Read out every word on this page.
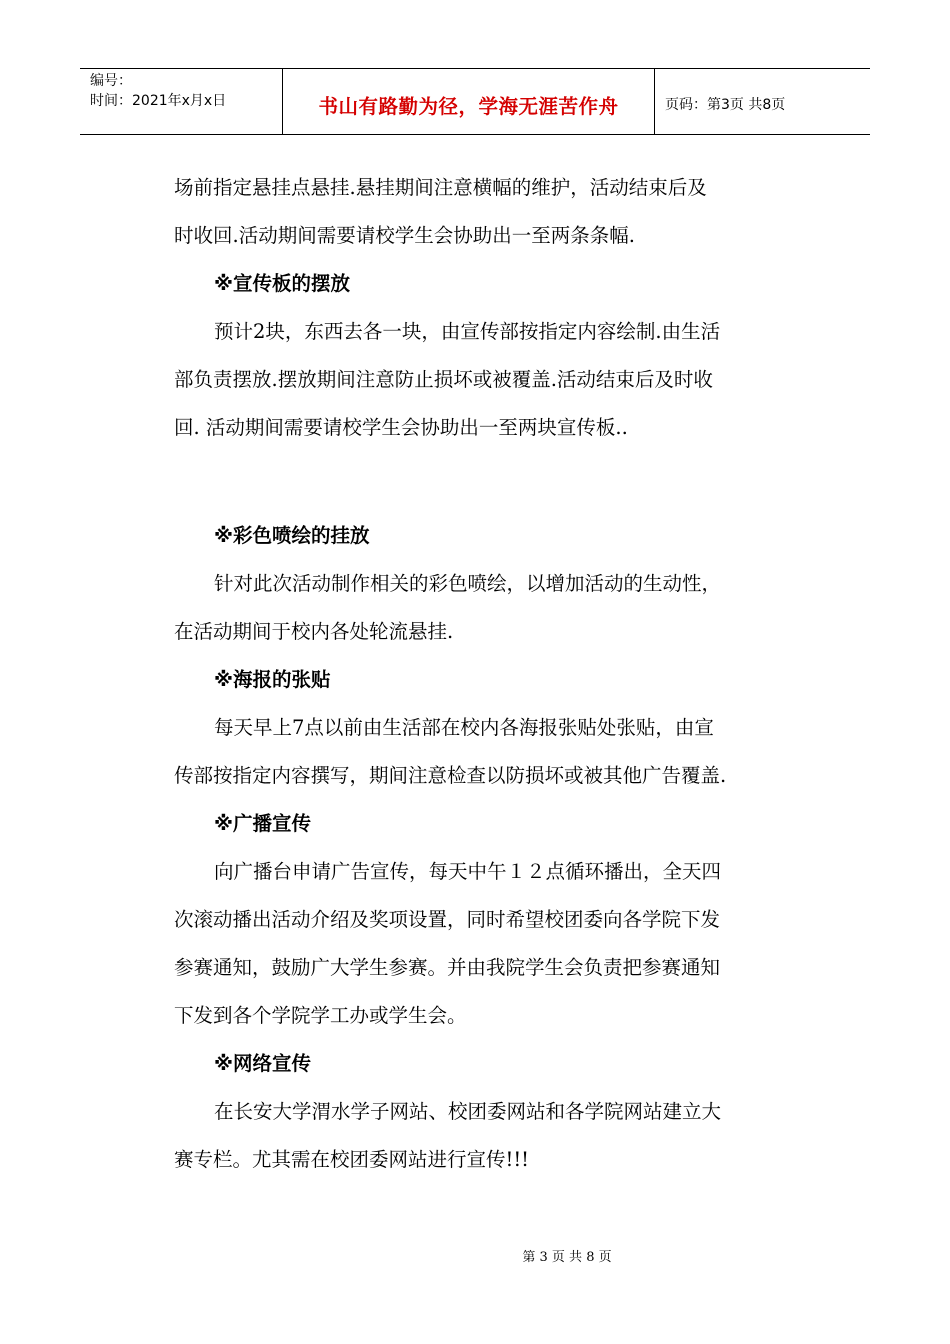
编号：
时间：2021年x月x日	书山有路勤为径，学海无涯苦作舟	页码：第3页 共8页
场前指定悬挂点悬挂.悬挂期间注意横幅的维护，活动结束后及
时收回.活动期间需要请校学生会协助出一至两条条幅.
※宣传板的摆放
预计2块，东西去各一块，由宣传部按指定内容绘制.由生活
部负责摆放.摆放期间注意防止损坏或被覆盖.活动结束后及时收
回. 活动期间需要请校学生会协助出一至两块宣传板..
※彩色喷绘的挂放
针对此次活动制作相关的彩色喷绘，以增加活动的生动性，
在活动期间于校内各处轮流悬挂.
※海报的张贴
每天早上7点以前由生活部在校内各海报张贴处张贴，由宣
传部按指定内容撰写，期间注意检查以防损坏或被其他广告覆盖.
※广播宣传
向广播台申请广告宣传，每天中午１２点循环播出，全天四
次滚动播出活动介绍及奖项设置，同时希望校团委向各学院下发
参赛通知，鼓励广大学生参赛。并由我院学生会负责把参赛通知
下发到各个学院学工办或学生会。
※网络宣传
在长安大学渭水学子网站、校团委网站和各学院网站建立大
赛专栏。尤其需在校团委网站进行宣传!!!
第 3 页 共 8 页
